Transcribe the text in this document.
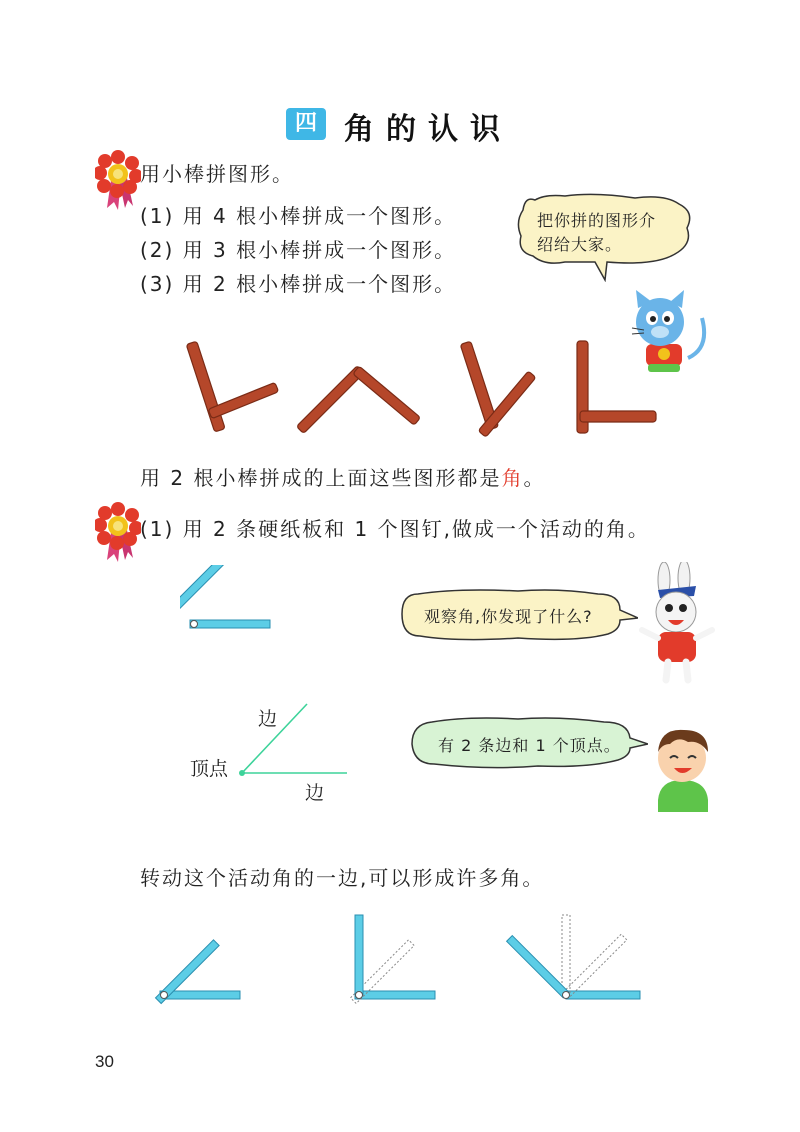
四 角的认识
用小棒拼图形。
(1) 用 4 根小棒拼成一个图形。
(2) 用 3 根小棒拼成一个图形。
(3) 用 2 根小棒拼成一个图形。
把你拼的图形介
绍给大家。
用 2 根小棒拼成的上面这些图形都是角。
(1) 用 2 条硬纸板和 1 个图钉,做成一个活动的角。
观察角,你发现了什么?
边
顶点
边
有 2 条边和 1 个顶点。
转动这个活动角的一边,可以形成许多角。
30
